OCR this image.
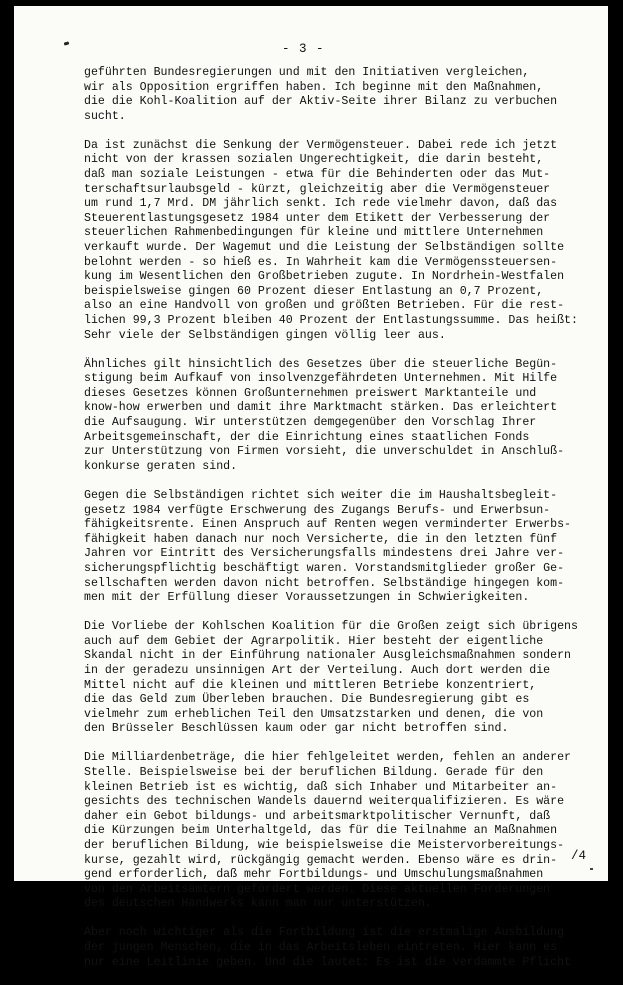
- 3 -
geführten Bundesregierungen und mit den Initiativen vergleichen,
wir als Opposition ergriffen haben. Ich beginne mit den Maßnahmen,
die die Kohl-Koalition auf der Aktiv-Seite ihrer Bilanz zu verbuchen
sucht.
Da ist zunächst die Senkung der Vermögensteuer. Dabei rede ich jetzt
nicht von der krassen sozialen Ungerechtigkeit, die darin besteht,
daß man soziale Leistungen - etwa für die Behinderten oder das Mut-
terschaftsurlaubsgeld - kürzt, gleichzeitig aber die Vermögensteuer
um rund 1,7 Mrd. DM jährlich senkt. Ich rede vielmehr davon, daß das
Steuerentlastungsgesetz 1984 unter dem Etikett der Verbesserung der
steuerlichen Rahmenbedingungen für kleine und mittlere Unternehmen
verkauft wurde. Der Wagemut und die Leistung der Selbständigen sollte
belohnt werden - so hieß es. In Wahrheit kam die Vermögenssteuersen-
kung im Wesentlichen den Großbetrieben zugute. In Nordrhein-Westfalen
beispielsweise gingen 60 Prozent dieser Entlastung an 0,7 Prozent,
also an eine Handvoll von großen und größten Betrieben. Für die rest-
lichen 99,3 Prozent bleiben 40 Prozent der Entlastungssumme. Das heißt:
Sehr viele der Selbständigen gingen völlig leer aus.
Ähnliches gilt hinsichtlich des Gesetzes über die steuerliche Begün-
stigung beim Aufkauf von insolvenzgefährdeten Unternehmen. Mit Hilfe
dieses Gesetzes können Großunternehmen preiswert Marktanteile und
know-how erwerben und damit ihre Marktmacht stärken. Das erleichtert
die Aufsaugung. Wir unterstützen demgegenüber den Vorschlag Ihrer
Arbeitsgemeinschaft, der die Einrichtung eines staatlichen Fonds
zur Unterstützung von Firmen vorsieht, die unverschuldet in Anschluß-
konkurse geraten sind.
Gegen die Selbständigen richtet sich weiter die im Haushaltsbegleit-
gesetz 1984 verfügte Erschwerung des Zugangs Berufs- und Erwerbsun-
fähigkeitsrente. Einen Anspruch auf Renten wegen verminderter Erwerbs-
fähigkeit haben danach nur noch Versicherte, die in den letzten fünf
Jahren vor Eintritt des Versicherungsfalls mindestens drei Jahre ver-
sicherungspflichtig beschäftigt waren. Vorstandsmitglieder großer Ge-
sellschaften werden davon nicht betroffen. Selbständige hingegen kom-
men mit der Erfüllung dieser Voraussetzungen in Schwierigkeiten.
Die Vorliebe der Kohlschen Koalition für die Großen zeigt sich übrigens
auch auf dem Gebiet der Agrarpolitik. Hier besteht der eigentliche
Skandal nicht in der Einführung nationaler Ausgleichsmaßnahmen sondern
in der geradezu unsinnigen Art der Verteilung. Auch dort werden die
Mittel nicht auf die kleinen und mittleren Betriebe konzentriert,
die das Geld zum Überleben brauchen. Die Bundesregierung gibt es
vielmehr zum erheblichen Teil den Umsatzstarken und denen, die von
den Brüsseler Beschlüssen kaum oder gar nicht betroffen sind.
Die Milliardenbeträge, die hier fehlgeleitet werden, fehlen an anderer
Stelle. Beispielsweise bei der beruflichen Bildung. Gerade für den
kleinen Betrieb ist es wichtig, daß sich Inhaber und Mitarbeiter an-
gesichts des technischen Wandels dauernd weiterqualifizieren. Es wäre
daher ein Gebot bildungs- und arbeitsmarktpolitischer Vernunft, daß
die Kürzungen beim Unterhaltgeld, das für die Teilnahme an Maßnahmen
der beruflichen Bildung, wie beispielsweise die Meistervorbereitungs-
kurse, gezahlt wird, rückgängig gemacht werden. Ebenso wäre es drin-
gend erforderlich, daß mehr Fortbildungs- und Umschulungsmaßnahmen
von den Arbeitsämtern gefördert werden. Diese aktuellen Forderungen
des deutschen Handwerks kann man nur unterstützen.
Aber noch wichtiger als die Fortbildung ist die erstmalige Ausbildung
der jungen Menschen, die in das Arbeitsleben eintreten. Hier kann es
nur eine Leitlinie geben. Und die lautet: Es ist die verdammte Pflicht
/4
